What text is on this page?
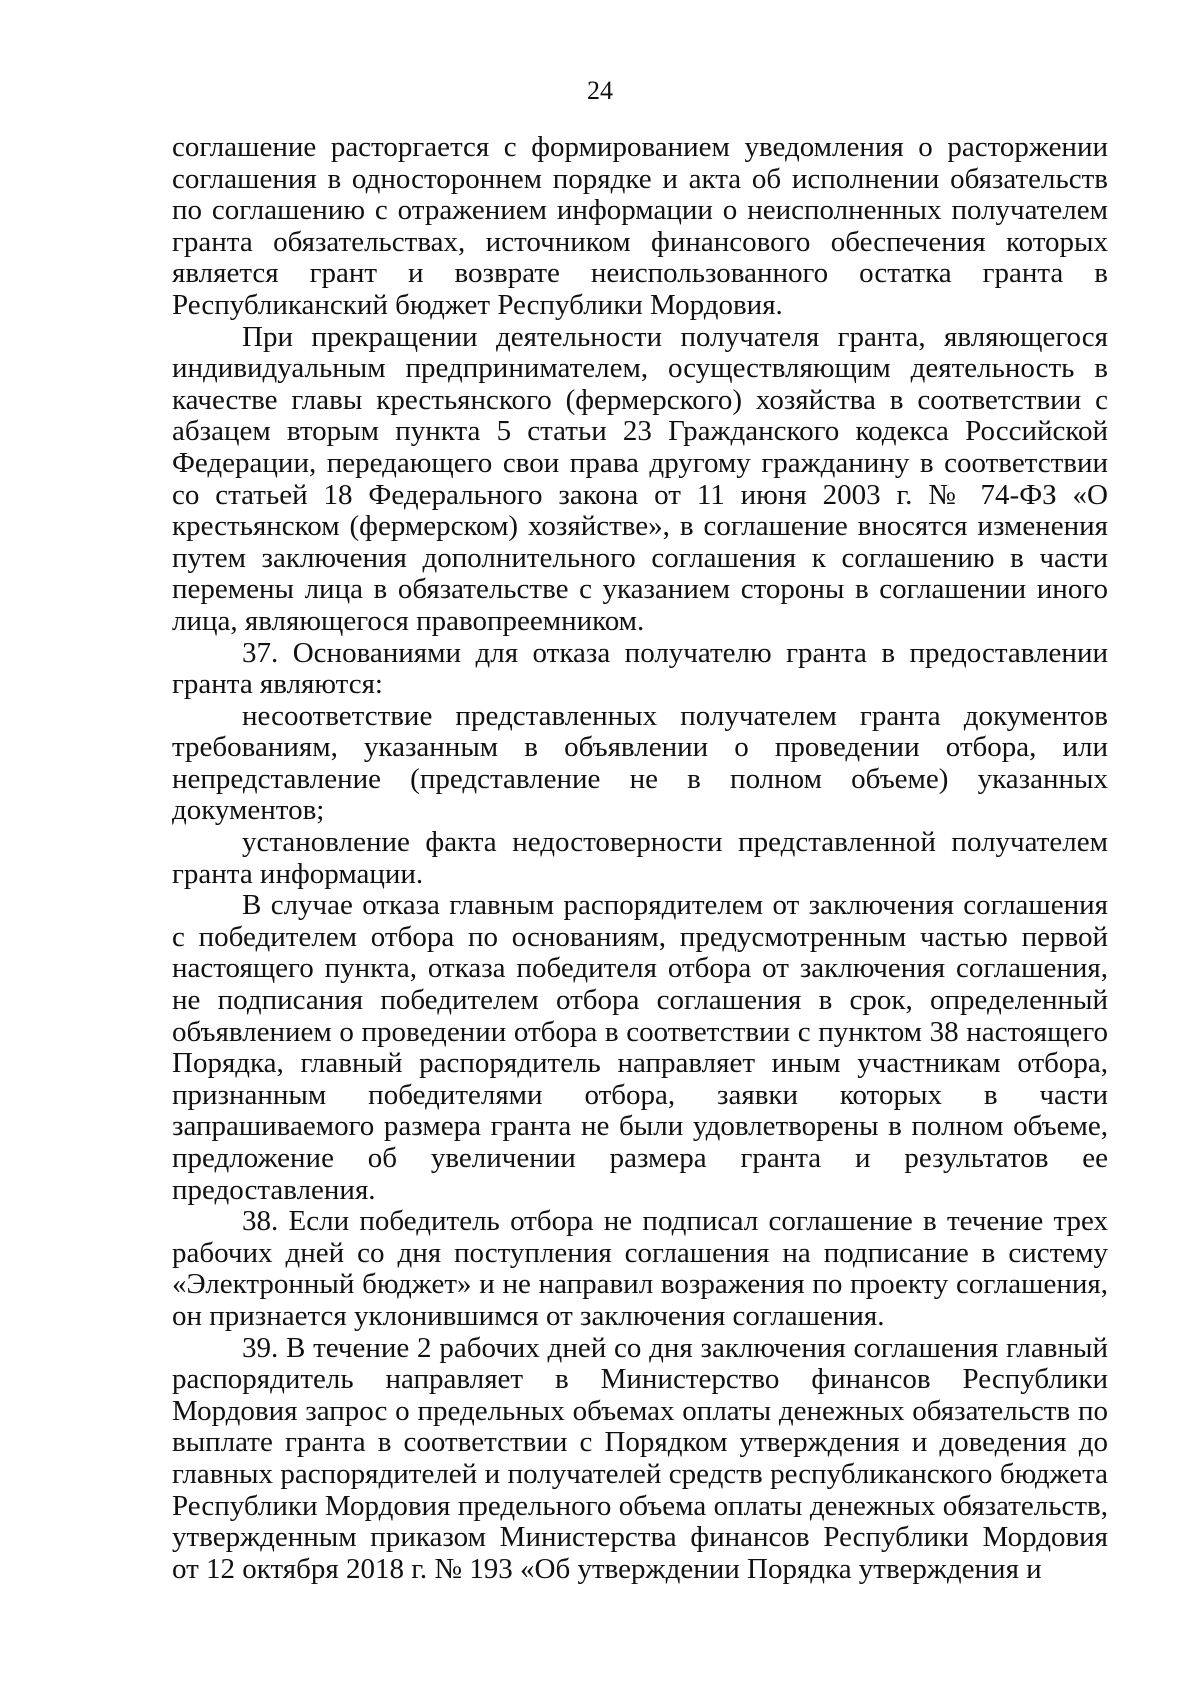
24

соглашение расторгается с формированием уведомления о расторжении соглашения в одностороннем порядке и акта об исполнении обязательств по соглашению с отражением информации о неисполненных получателем гранта обязательствах, источником финансового обеспечения которых является грант и возврате неиспользованного остатка гранта в Республиканский бюджет Республики Мордовия.

При прекращении деятельности получателя гранта, являющегося индивидуальным предпринимателем, осуществляющим деятельность в качестве главы крестьянского (фермерского) хозяйства в соответствии с абзацем вторым пункта 5 статьи 23 Гражданского кодекса Российской Федерации, передающего свои права другому гражданину в соответствии со статьей 18 Федерального закона от 11 июня 2003 г. № 74-ФЗ «О крестьянском (фермерском) хозяйстве», в соглашение вносятся изменения путем заключения дополнительного соглашения к соглашению в части перемены лица в обязательстве с указанием стороны в соглашении иного лица, являющегося правопреемником.

37. Основаниями для отказа получателю гранта в предоставлении гранта являются:

несоответствие представленных получателем гранта документов требованиям, указанным в объявлении о проведении отбора, или непредставление (представление не в полном объеме) указанных документов;

установление факта недостоверности представленной получателем гранта информации.

В случае отказа главным распорядителем от заключения соглашения с победителем отбора по основаниям, предусмотренным частью первой настоящего пункта, отказа победителя отбора от заключения соглашения, не подписания победителем отбора соглашения в срок, определенный объявлением о проведении отбора в соответствии с пунктом 38 настоящего Порядка, главный распорядитель направляет иным участникам отбора, признанным победителями отбора, заявки которых в части запрашиваемого размера гранта не были удовлетворены в полном объеме, предложение об увеличении размера гранта и результатов ее предоставления.

38. Если победитель отбора не подписал соглашение в течение трех рабочих дней со дня поступления соглашения на подписание в систему «Электронный бюджет» и не направил возражения по проекту соглашения, он признается уклонившимся от заключения соглашения.

39. В течение 2 рабочих дней со дня заключения соглашения главный распорядитель направляет в Министерство финансов Республики Мордовия запрос о предельных объемах оплаты денежных обязательств по выплате гранта в соответствии с Порядком утверждения и доведения до главных распорядителей и получателей средств республиканского бюджета Республики Мордовия предельного объема оплаты денежных обязательств, утвержденным приказом Министерства финансов Республики Мордовия от 12 октября 2018 г. № 193 «Об утверждении Порядка утверждения и
